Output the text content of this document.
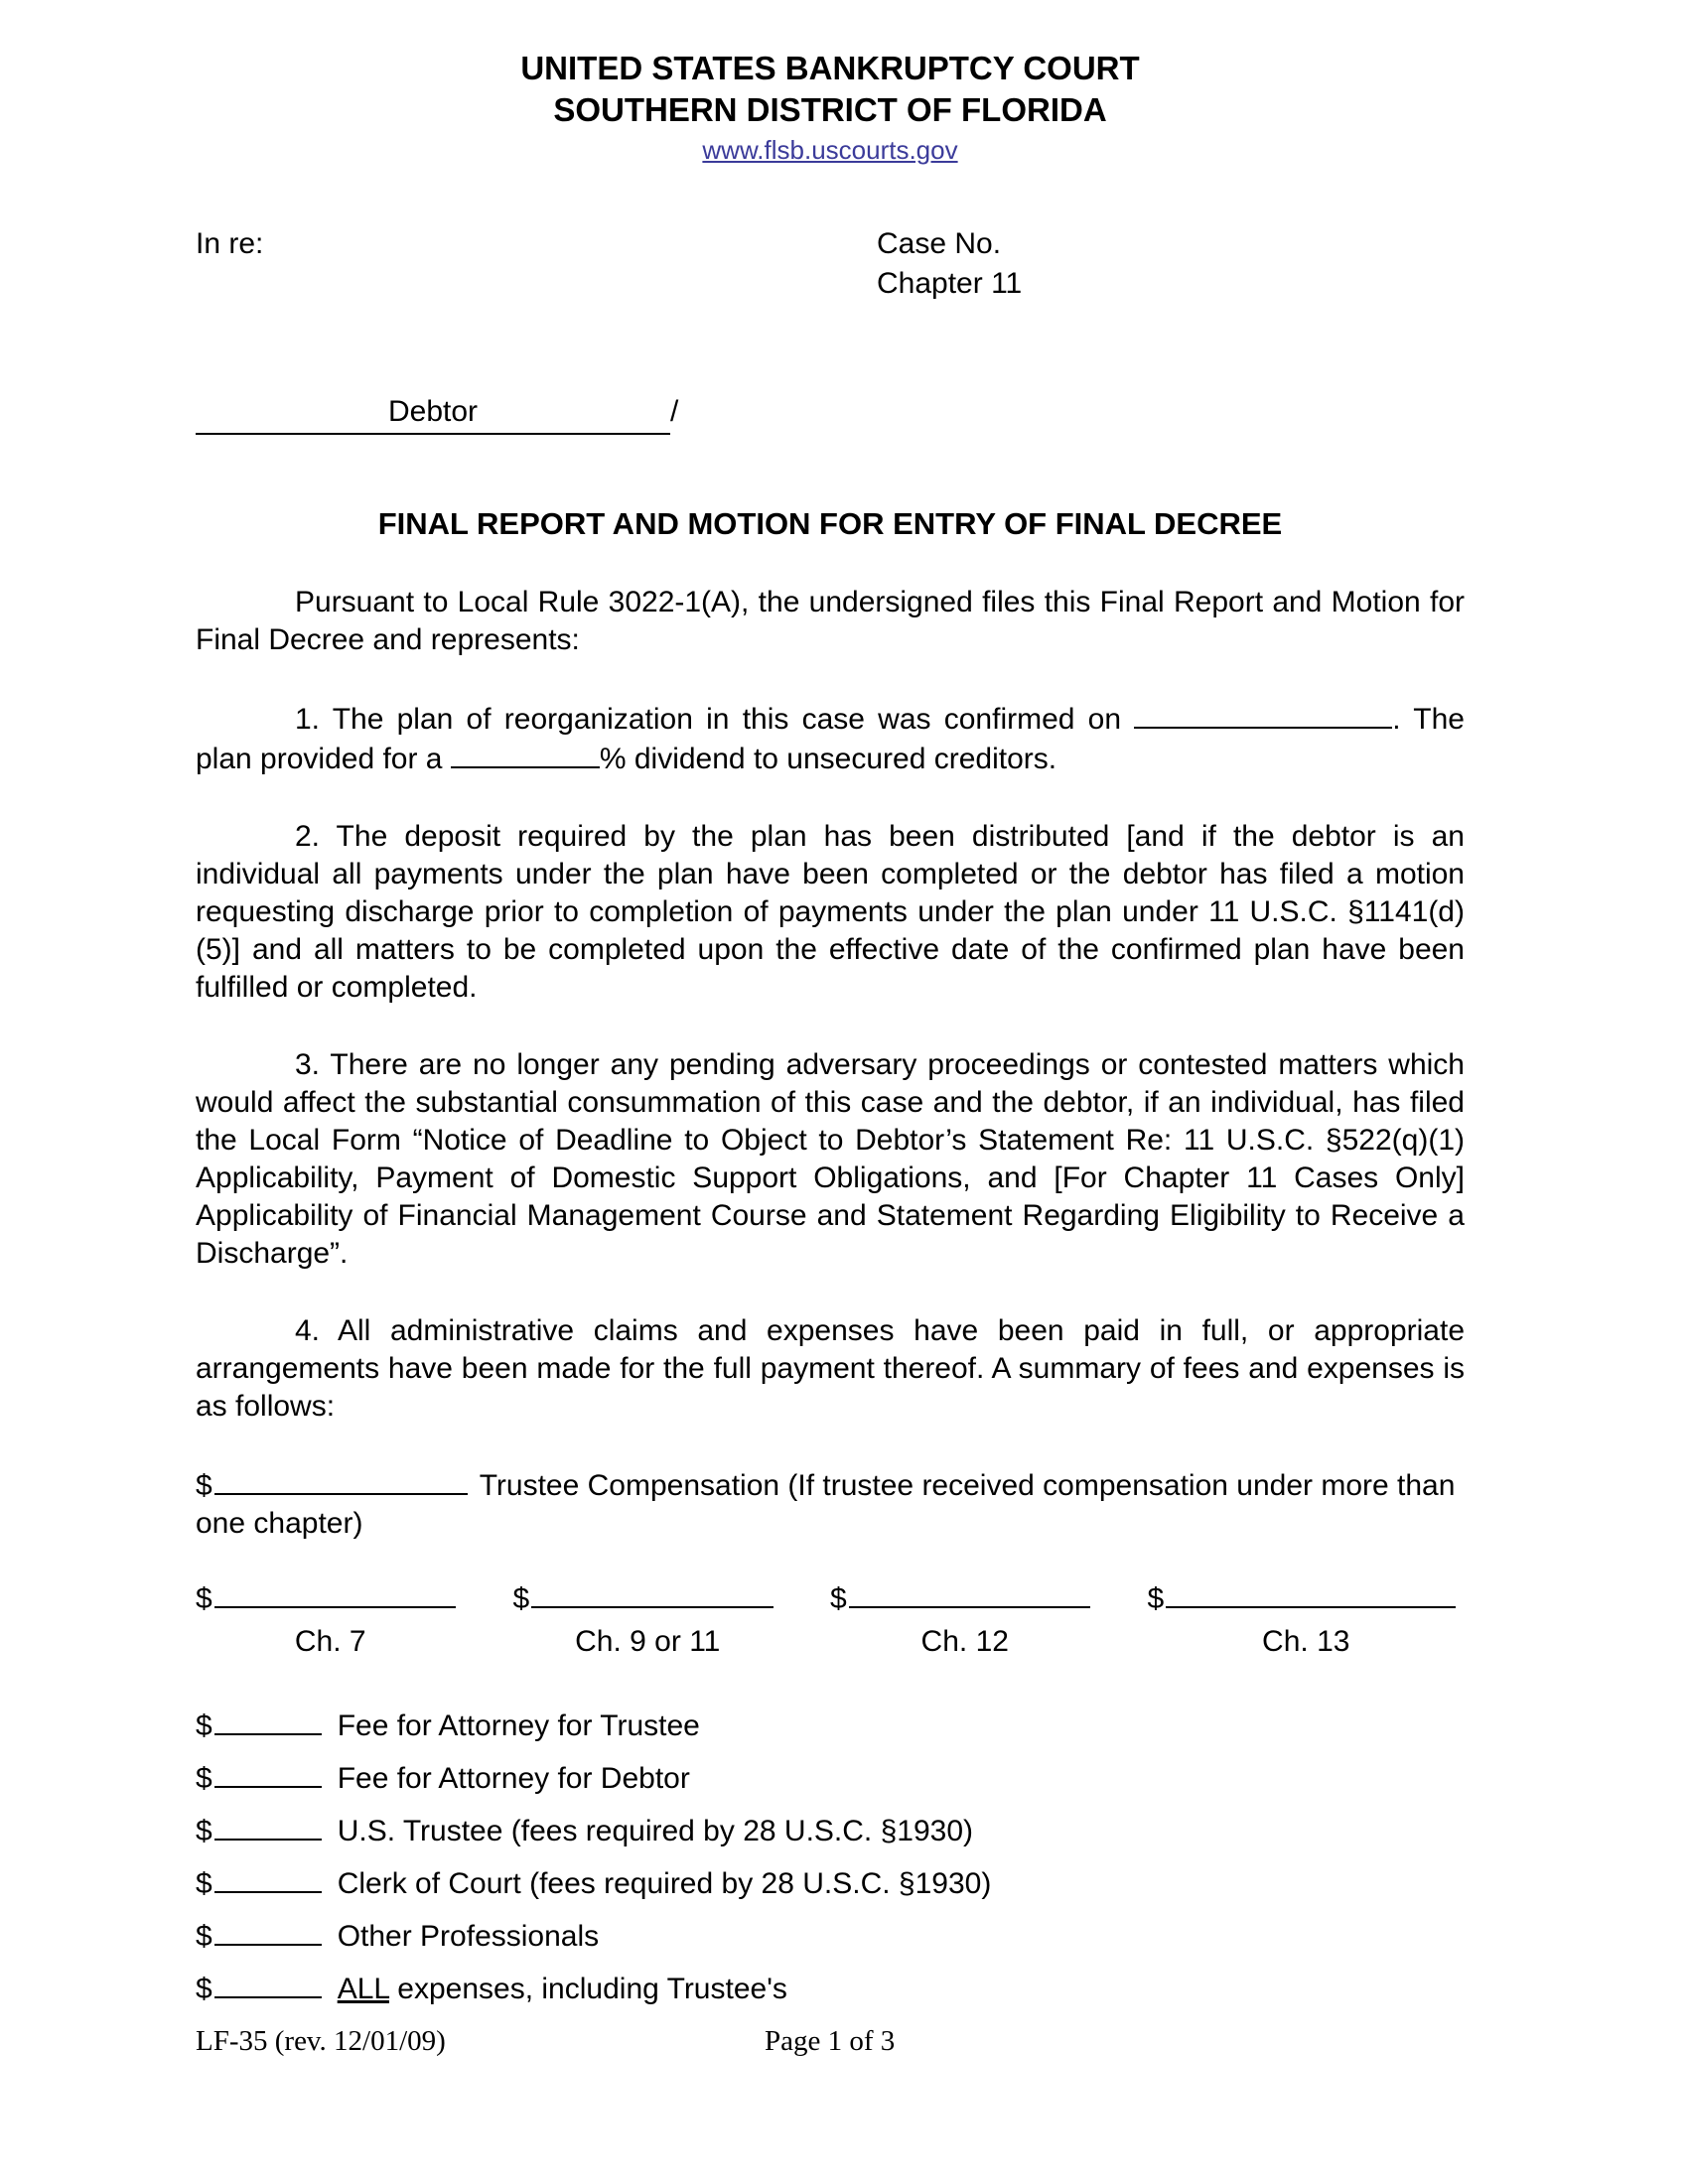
UNITED STATES BANKRUPTCY COURT
SOUTHERN DISTRICT OF FLORIDA
www.flsb.uscourts.gov
In re:	Case No.
Chapter 11
Debtor	/
FINAL REPORT AND MOTION FOR ENTRY OF FINAL DECREE

Pursuant to Local Rule 3022-1(A), the undersigned files this Final Report and Motion for Final Decree and represents:

1. The plan of reorganization in this case was confirmed on	. The plan provided for a	% dividend to unsecured creditors.

2. The deposit required by the plan has been distributed [and if the debtor is an individual all payments under the plan have been completed or the debtor has filed a motion requesting discharge prior to completion of payments under the plan under 11 U.S.C. §1141(d)(5)] and all matters to be completed upon the effective date of the confirmed plan have been fulfilled or completed.

3. There are no longer any pending adversary proceedings or contested matters which would affect the substantial consummation of this case and the debtor, if an individual, has filed the Local Form “Notice of Deadline to Object to Debtor’s Statement Re: 11 U.S.C. §522(q)(1) Applicability, Payment of Domestic Support Obligations, and [For Chapter 11 Cases Only] Applicability of Financial Management Course and Statement Regarding Eligibility to Receive a Discharge”.

4. All administrative claims and expenses have been paid in full, or appropriate arrangements have been made for the full payment thereof. A summary of fees and expenses is as follows:

$	Trustee Compensation (If trustee received compensation under more than one chapter)

$
Ch. 7
$
Ch. 9 or 11
$
Ch. 12
$
Ch. 13
$	Fee for Attorney for Trustee
$	Fee for Attorney for Debtor
$	U.S. Trustee (fees required by 28 U.S.C. §1930)
$	Clerk of Court (fees required by 28 U.S.C. §1930)
$	Other Professionals
$	ALL expenses, including Trustee's
LF-35 (rev. 12/01/09)	Page 1 of 3
